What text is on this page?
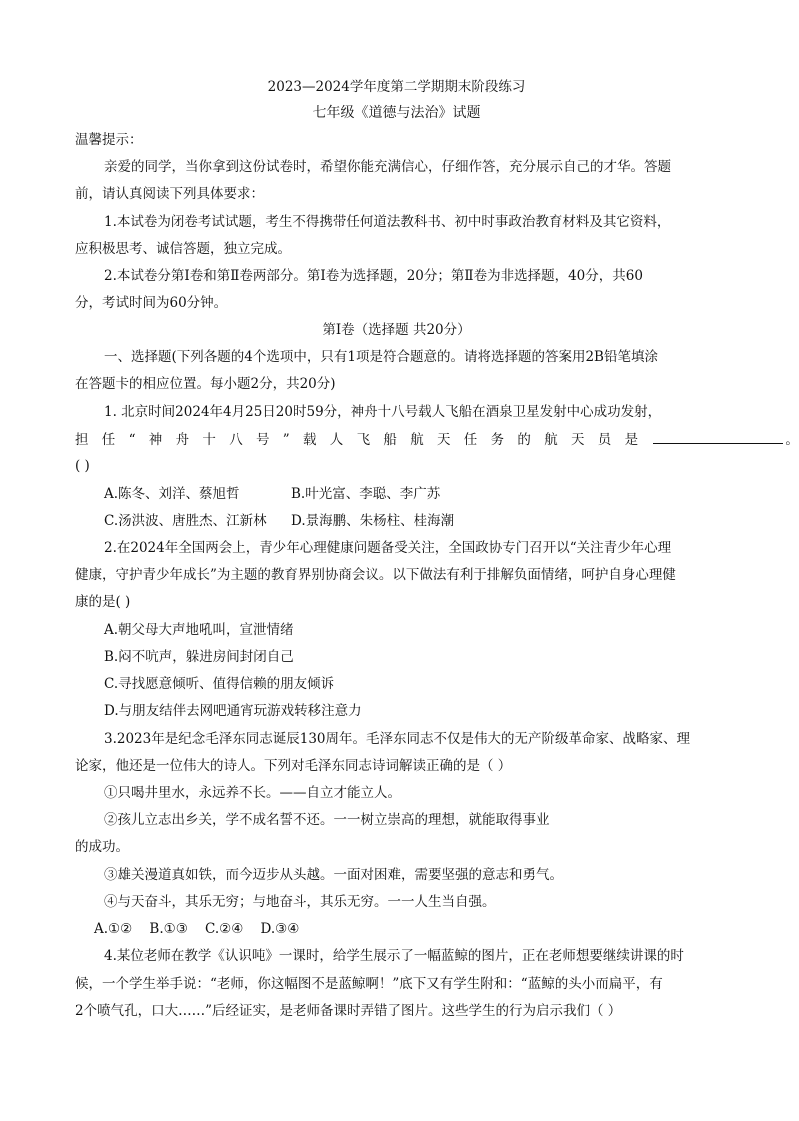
2023—2024学年度第二学期期末阶段练习
七年级《道德与法治》试题
温馨提示：
亲爱的同学，当你拿到这份试卷时，希望你能充满信心，仔细作答，充分展示自己的才华。答题
前，请认真阅读下列具体要求：
1.本试卷为闭卷考试试题，考生不得携带任何道法教科书、初中时事政治教育材料及其它资料，
应积极思考、诚信答题，独立完成。
2.本试卷分第Ⅰ卷和第Ⅱ卷两部分。第Ⅰ卷为选择题，20分；第Ⅱ卷为非选择题，40分，共60
分，考试时间为60分钟。
第Ⅰ卷（选择题 共20分）
一、选择题(下列各题的4个选项中，只有1项是符合题意的。请将选择题的答案用2B铅笔填涂
在答题卡的相应位置。每小题2分，共20分)
1. 北京时间2024年4月25日20时59分，神舟十八号载人飞船在酒泉卫星发射中心成功发射，
担任“神舟十八号”载人飞船航天任务的航天员是	。
( )
A.陈冬、刘洋、蔡旭哲	B.叶光富、李聪、李广苏
C.汤洪波、唐胜杰、江新林 D.景海鹏、朱杨柱、桂海潮
2.在2024年全国两会上，青少年心理健康问题备受关注，全国政协专门召开以“关注青少年心理
健康，守护青少年成长”为主题的教育界别协商会议。以下做法有利于排解负面情绪，呵护自身心理健
康的是( )
A.朝父母大声地吼叫，宣泄情绪
B.闷不吭声，躲进房间封闭自己
C.寻找愿意倾听、值得信赖的朋友倾诉
D.与朋友结伴去网吧通宵玩游戏转移注意力
3.2023年是纪念毛泽东同志诞辰130周年。毛泽东同志不仅是伟大的无产阶级革命家、战略家、理
论家，他还是一位伟大的诗人。下列对毛泽东同志诗词解读正确的是（ ）
①只喝井里水，永远养不长。——自立才能立人。
②孩儿立志出乡关，学不成名誓不还。一一树立崇高的理想，就能取得事业
的成功。
③雄关漫道真如铁，而今迈步从头越。一面对困难，需要坚强的意志和勇气。
④与天奋斗，其乐无穷；与地奋斗，其乐无穷。一一人生当自强。
A.①②    B.①③    C.②④    D.③④
4.某位老师在教学《认识吨》一课时，给学生展示了一幅蓝鲸的图片，正在老师想要继续讲课的时
候，一个学生举手说：“老师，你这幅图不是蓝鲸啊！”底下又有学生附和：“蓝鲸的头小而扁平，有
2个喷气孔，口大……”后经证实，是老师备课时弄错了图片。这些学生的行为启示我们（ ）
